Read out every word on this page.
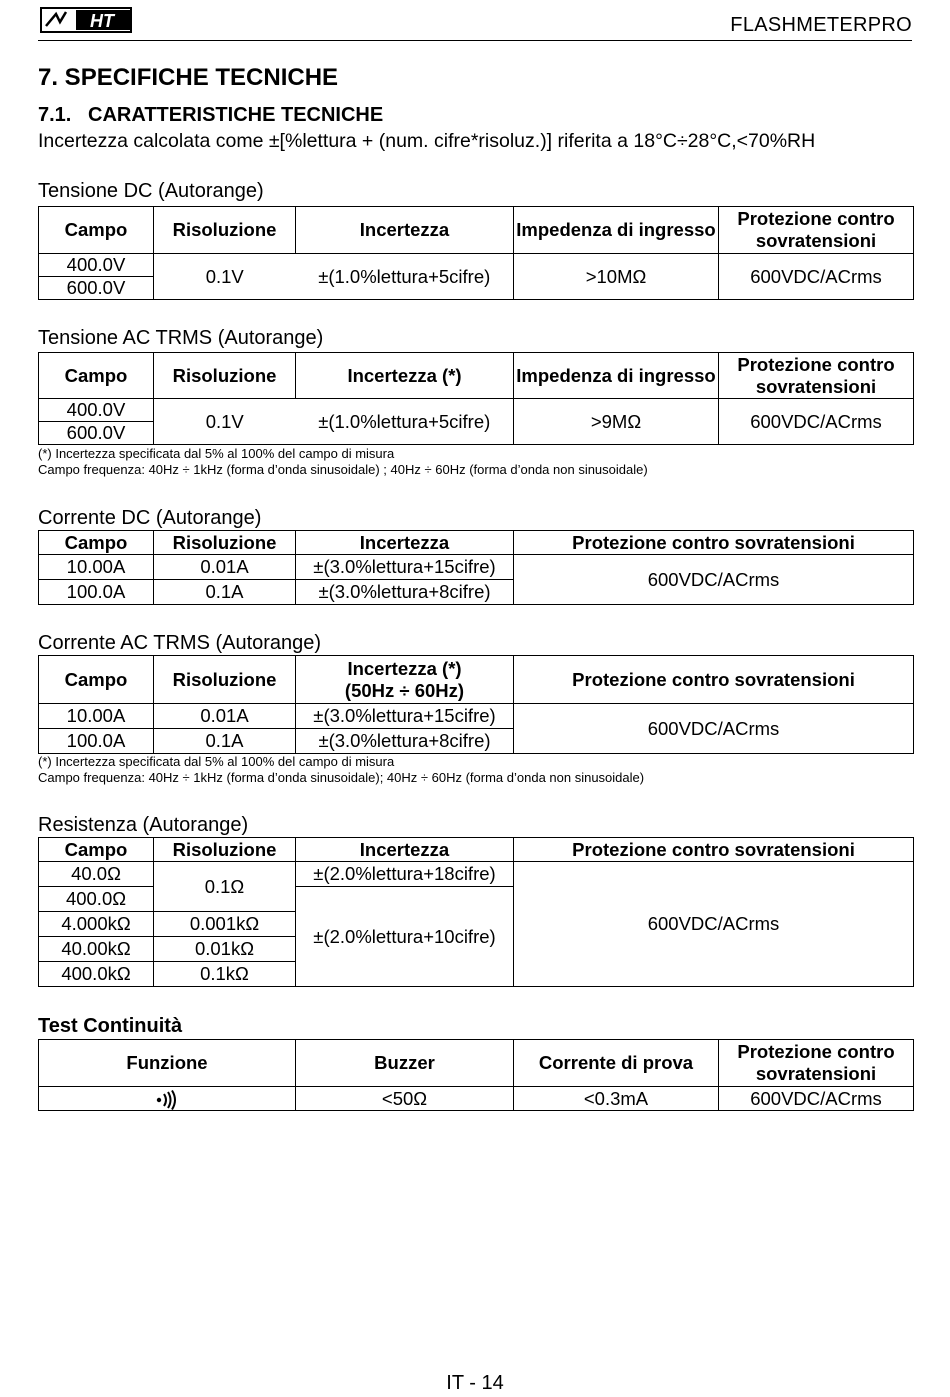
HT	FLASHMETERPRO
7. SPECIFICHE TECNICHE
7.1.   CARATTERISTICHE TECNICHE
Incertezza calcolata come ±[%lettura + (num. cifre*risoluz.)] riferita a 18°C÷28°C,<70%RH
Tensione DC (Autorange)
Campo	Risoluzione	Incertezza	Impedenza di ingresso	Protezione contro sovratensioni
400.0V	0.1V	±(1.0%lettura+5cifre)	>10MΩ	600VDC/ACrms
600.0V				
Tensione AC TRMS (Autorange)
Campo	Risoluzione	Incertezza (*)	Impedenza di ingresso	Protezione contro sovratensioni
400.0V	0.1V	±(1.0%lettura+5cifre)	>9MΩ	600VDC/ACrms
600.0V				
(*) Incertezza specificata dal 5% al 100% del campo di misura
Campo frequenza: 40Hz ÷ 1kHz (forma d’onda sinusoidale) ; 40Hz ÷ 60Hz (forma d’onda non sinusoidale)
Corrente DC (Autorange)
Campo	Risoluzione	Incertezza	Protezione contro sovratensioni
10.00A	0.01A	±(3.0%lettura+15cifre)	600VDC/ACrms
100.0A	0.1A	±(3.0%lettura+8cifre)	
Corrente AC TRMS (Autorange)
Campo	Risoluzione	Incertezza (*) (50Hz ÷ 60Hz)	Protezione contro sovratensioni
10.00A	0.01A	±(3.0%lettura+15cifre)	600VDC/ACrms
100.0A	0.1A	±(3.0%lettura+8cifre)	
(*) Incertezza specificata dal 5% al 100% del campo di misura
Campo frequenza: 40Hz ÷ 1kHz (forma d’onda sinusoidale); 40Hz ÷ 60Hz (forma d’onda non sinusoidale)
Resistenza (Autorange)
Campo	Risoluzione	Incertezza	Protezione contro sovratensioni
40.0Ω	0.1Ω	±(2.0%lettura+18cifre)	600VDC/ACrms
400.0Ω		±(2.0%lettura+10cifre)	
4.000kΩ	0.001kΩ		
40.00kΩ	0.01kΩ		
400.0kΩ	0.1kΩ		
Test Continuità
Funzione	Buzzer	Corrente di prova	Protezione contro sovratensioni
	<50Ω	<0.3mA	600VDC/ACrms
IT - 14
